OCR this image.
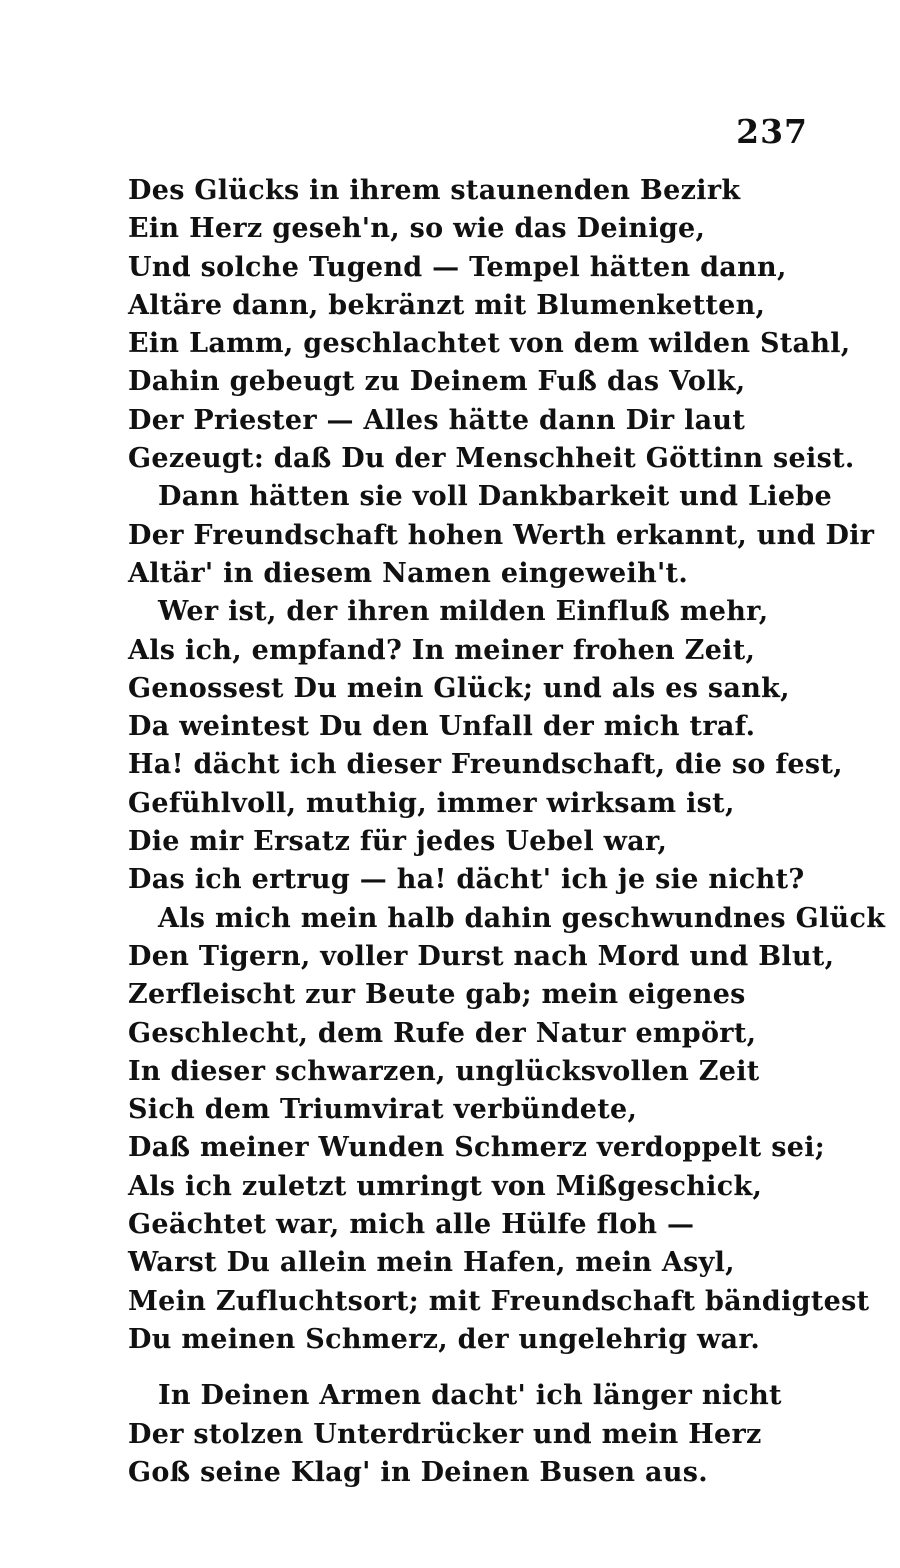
237
Des Glücks in ihrem staunenden Bezirk
Ein Herz geseh'n, so wie das Deinige,
Und solche Tugend — Tempel hätten dann,
Altäre dann, bekränzt mit Blumenketten,
Ein Lamm, geschlachtet von dem wilden Stahl,
Dahin gebeugt zu Deinem Fuß das Volk,
Der Priester — Alles hätte dann Dir laut
Gezeugt: daß Du der Menschheit Göttinn seist.
Dann hätten sie voll Dankbarkeit und Liebe
Der Freundschaft hohen Werth erkannt, und Dir
Altär' in diesem Namen eingeweih't.
Wer ist, der ihren milden Einfluß mehr,
Als ich, empfand? In meiner frohen Zeit,
Genossest Du mein Glück; und als es sank,
Da weintest Du den Unfall der mich traf.
Ha! dächt ich dieser Freundschaft, die so fest,
Gefühlvoll, muthig, immer wirksam ist,
Die mir Ersatz für jedes Uebel war,
Das ich ertrug — ha! dächt' ich je sie nicht?
Als mich mein halb dahin geschwundnes Glück
Den Tigern, voller Durst nach Mord und Blut,
Zerfleischt zur Beute gab; mein eigenes
Geschlecht, dem Rufe der Natur empört,
In dieser schwarzen, unglücksvollen Zeit
Sich dem Triumvirat verbündete,
Daß meiner Wunden Schmerz verdoppelt sei;
Als ich zuletzt umringt von Mißgeschick,
Geächtet war, mich alle Hülfe floh —
Warst Du allein mein Hafen, mein Asyl,
Mein Zufluchtsort; mit Freundschaft bändigtest
Du meinen Schmerz, der ungelehrig war.
In Deinen Armen dacht' ich länger nicht
Der stolzen Unterdrücker und mein Herz
Goß seine Klag' in Deinen Busen aus.
